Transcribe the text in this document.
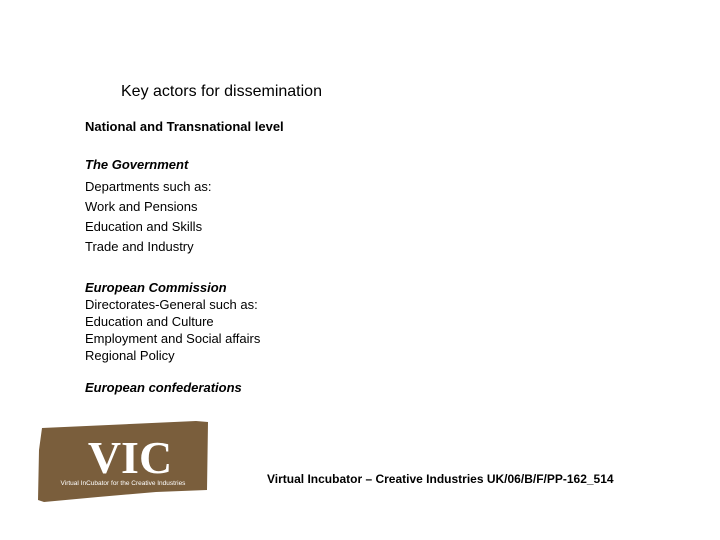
Key actors for dissemination
National and Transnational level
The Government
Departments such as:
Work and Pensions
Education and Skills
Trade and Industry
European Commission
Directorates-General such as:
Education and Culture
Employment and Social affairs
Regional Policy
European confederations
VIC
Virtual InCubator for the Creative Industries	Virtual Incubator – Creative Industries UK/06/B/F/PP-162_514
